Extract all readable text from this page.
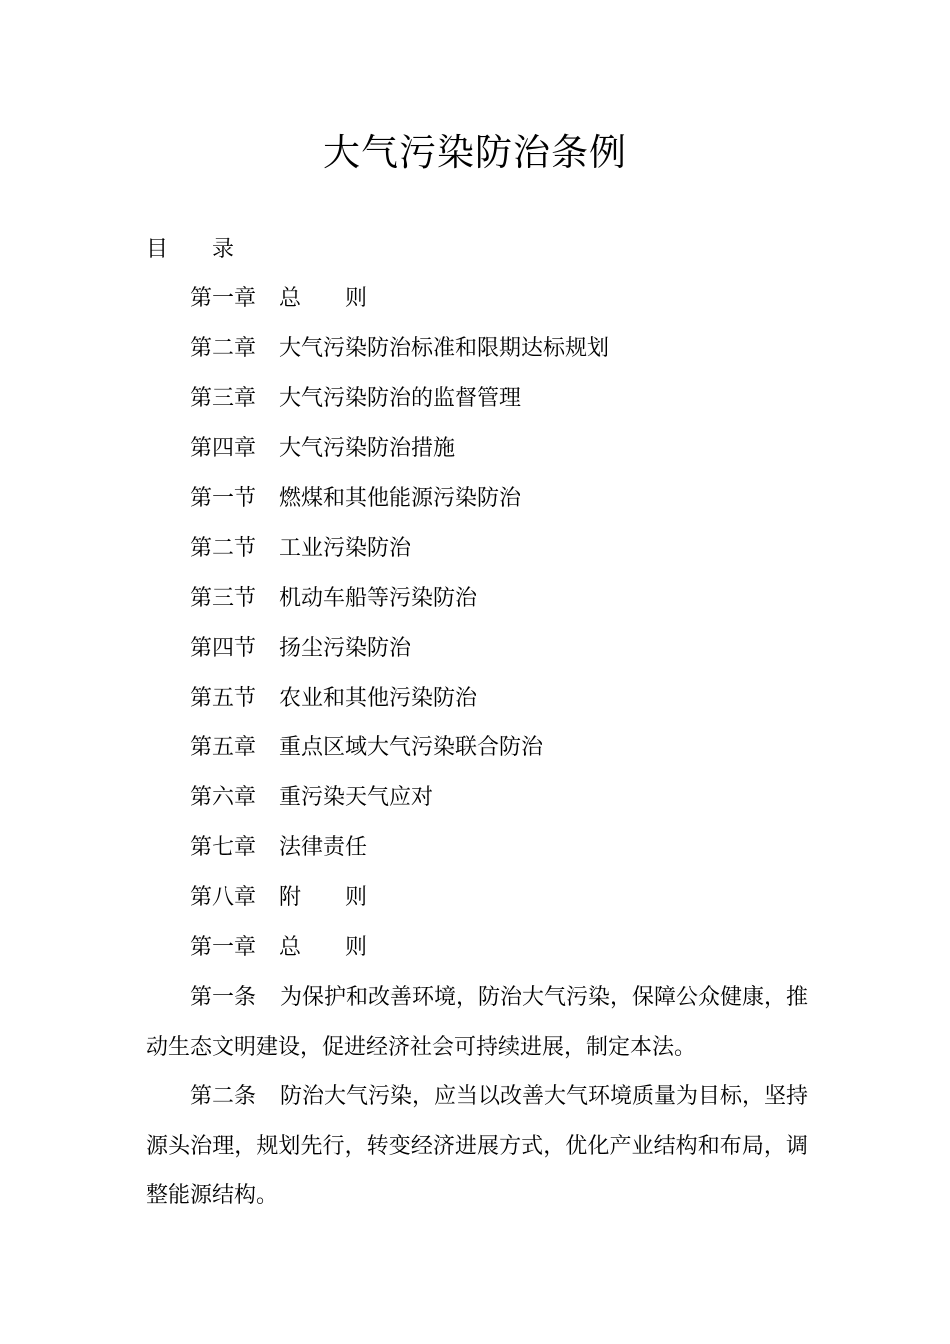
大气污染防治条例
目 录
第一章 总　　则
第二章 大气污染防治标准和限期达标规划
第三章 大气污染防治的监督管理
第四章 大气污染防治措施
第一节 燃煤和其他能源污染防治
第二节 工业污染防治
第三节 机动车船等污染防治
第四节 扬尘污染防治
第五节 农业和其他污染防治
第五章 重点区域大气污染联合防治
第六章 重污染天气应对
第七章 法律责任
第八章 附　　则
第一章 总　　则
第一条 为保护和改善环境，防治大气污染，保障公众健康，推动生态文明建设，促进经济社会可持续进展，制定本法。
第二条 防治大气污染，应当以改善大气环境质量为目标，坚持源头治理，规划先行，转变经济进展方式，优化产业结构和布局，调整能源结构。
